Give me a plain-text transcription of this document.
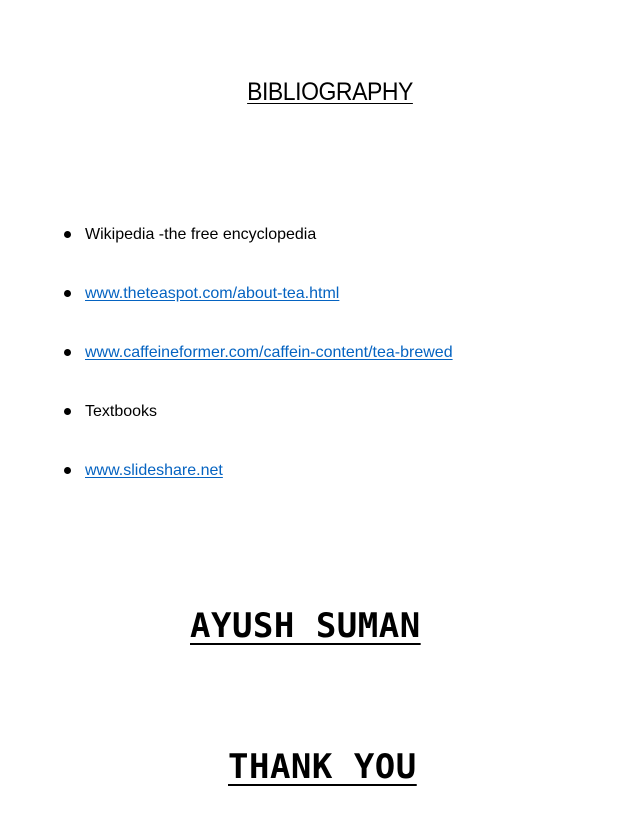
BIBLIOGRAPHY
Wikipedia -the free encyclopedia
www.theteaspot.com/about-tea.html
www.caffeineformer.com/caffein-content/tea-brewed
Textbooks
www.slideshare.net
AYUSH SUMAN
THANK YOU
